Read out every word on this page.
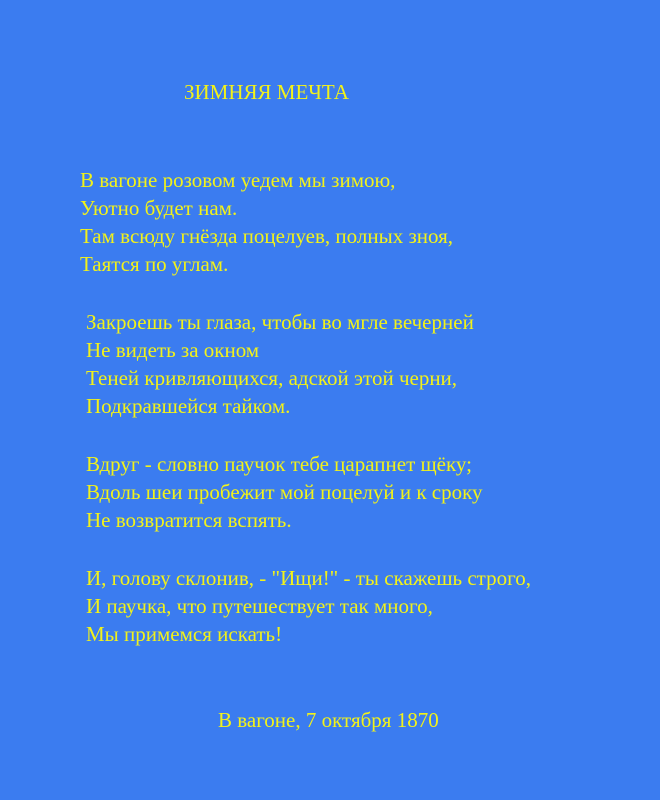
ЗИМНЯЯ МЕЧТА
В вагоне розовом уедем мы зимою,
Уютно будет нам.
Там всюду гнёзда поцелуев, полных зноя,
Таятся по углам.
Закроешь ты глаза, чтобы во мгле вечерней
Не видеть за окном
Теней кривляющихся, адской этой черни,
Подкравшейся тайком.
Вдруг - словно паучок тебе царапнет щёку;
Вдоль шеи пробежит мой поцелуй и к сроку
Не возвратится вспять.
И, голову склонив, - "Ищи!" - ты скажешь строго,
И паучка, что путешествует так много,
Мы примемся искать!
В вагоне, 7 октября 1870
